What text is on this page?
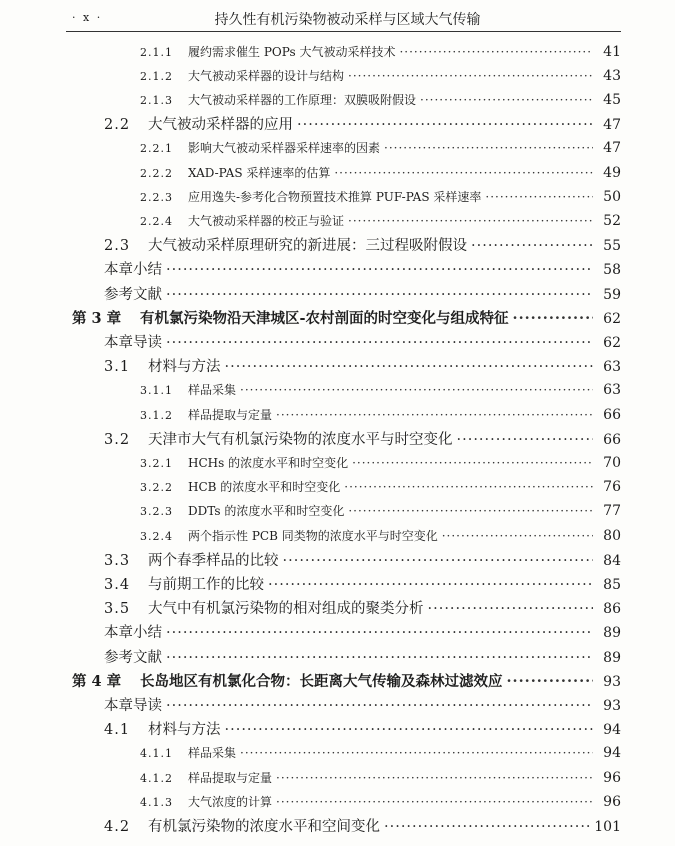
· x ·	持久性有机污染物被动采样与区域大气传输
2.1.1	履约需求催生 POPs 大气被动采样技术 ·····	41
2.1.2	大气被动采样器的设计与结构 ·····	43
2.1.3	大气被动采样器的工作原理：双膜吸附假设 ·····	45
2.2	大气被动采样器的应用 ·····	47
2.2.1	影响大气被动采样器采样速率的因素 ·····	47
2.2.2	XAD-PAS 采样速率的估算 ·····	49
2.2.3	应用逸失-参考化合物预置技术推算 PUF-PAS 采样速率 ·····	50
2.2.4	大气被动采样器的校正与验证 ·····	52
2.3	大气被动采样原理研究的新进展：三过程吸附假设 ·····	55
本章小结 ·····	58
参考文献 ·····	59
第 3 章	有机氯污染物沿天津城区-农村剖面的时空变化与组成特征 ·····	62
本章导读 ·····	62
3.1	材料与方法 ·····	63
3.1.1	样品采集 ·····	63
3.1.2	样品提取与定量 ·····	66
3.2	天津市大气有机氯污染物的浓度水平与时空变化 ·····	66
3.2.1	HCHs 的浓度水平和时空变化 ·····	70
3.2.2	HCB 的浓度水平和时空变化 ·····	76
3.2.3	DDTs 的浓度水平和时空变化 ·····	77
3.2.4	两个指示性 PCB 同类物的浓度水平与时空变化 ·····	80
3.3	两个春季样品的比较 ·····	84
3.4	与前期工作的比较 ·····	85
3.5	大气中有机氯污染物的相对组成的聚类分析 ·····	86
本章小结 ·····	89
参考文献 ·····	89
第 4 章	长岛地区有机氯化合物：长距离大气传输及森林过滤效应 ·····	93
本章导读 ·····	93
4.1	材料与方法 ·····	94
4.1.1	样品采集 ·····	94
4.1.2	样品提取与定量 ·····	96
4.1.3	大气浓度的计算 ·····	96
4.2	有机氯污染物的浓度水平和空间变化 ·····	101
